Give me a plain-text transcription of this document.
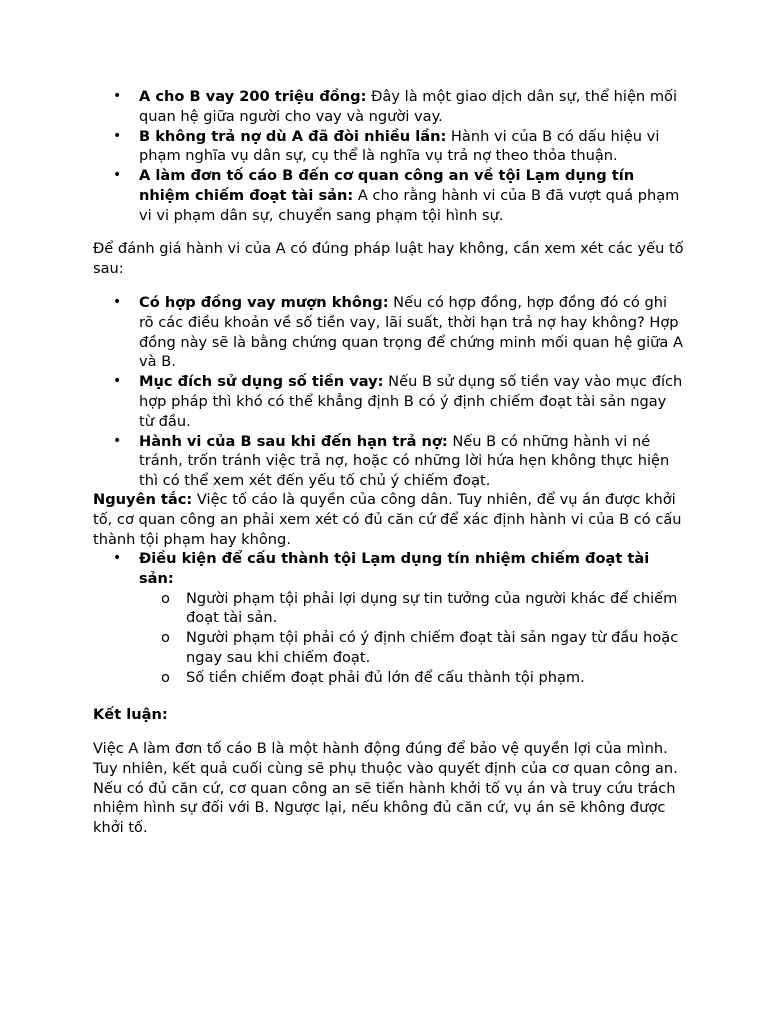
• A cho B vay 200 triệu đồng: Đây là một giao dịch dân sự, thể hiện mối quan hệ giữa người cho vay và người vay.
• B không trả nợ dù A đã đòi nhiều lần: Hành vi của B có dấu hiệu vi phạm nghĩa vụ dân sự, cụ thể là nghĩa vụ trả nợ theo thỏa thuận.
• A làm đơn tố cáo B đến cơ quan công an về tội Lạm dụng tín nhiệm chiếm đoạt tài sản: A cho rằng hành vi của B đã vượt quá phạm vi vi phạm dân sự, chuyển sang phạm tội hình sự.
Để đánh giá hành vi của A có đúng pháp luật hay không, cần xem xét các yếu tố sau:
• Có hợp đồng vay mượn không: Nếu có hợp đồng, hợp đồng đó có ghi rõ các điều khoản về số tiền vay, lãi suất, thời hạn trả nợ hay không? Hợp đồng này sẽ là bằng chứng quan trọng để chứng minh mối quan hệ giữa A và B.
• Mục đích sử dụng số tiền vay: Nếu B sử dụng số tiền vay vào mục đích hợp pháp thì khó có thể khẳng định B có ý định chiếm đoạt tài sản ngay từ đầu.
• Hành vi của B sau khi đến hạn trả nợ: Nếu B có những hành vi né tránh, trốn tránh việc trả nợ, hoặc có những lời hứa hẹn không thực hiện thì có thể xem xét đến yếu tố chủ ý chiếm đoạt.
Nguyên tắc: Việc tố cáo là quyền của công dân. Tuy nhiên, để vụ án được khởi tố, cơ quan công an phải xem xét có đủ căn cứ để xác định hành vi của B có cấu thành tội phạm hay không.
• Điều kiện để cấu thành tội Lạm dụng tín nhiệm chiếm đoạt tài sản:
o Người phạm tội phải lợi dụng sự tin tưởng của người khác để chiếm đoạt tài sản.
o Người phạm tội phải có ý định chiếm đoạt tài sản ngay từ đầu hoặc ngay sau khi chiếm đoạt.
o Số tiền chiếm đoạt phải đủ lớn để cấu thành tội phạm.
Kết luận:
Việc A làm đơn tố cáo B là một hành động đúng để bảo vệ quyền lợi của mình. Tuy nhiên, kết quả cuối cùng sẽ phụ thuộc vào quyết định của cơ quan công an. Nếu có đủ căn cứ, cơ quan công an sẽ tiến hành khởi tố vụ án và truy cứu trách nhiệm hình sự đối với B. Ngược lại, nếu không đủ căn cứ, vụ án sẽ không được khởi tố.
